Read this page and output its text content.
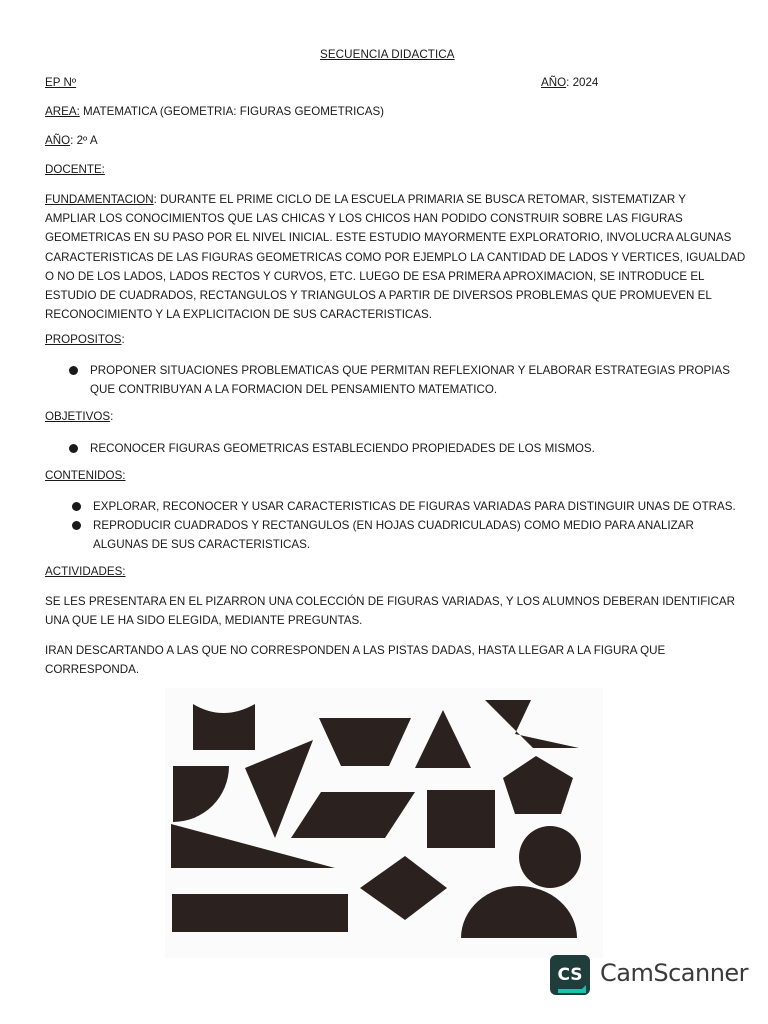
SECUENCIA DIDACTICA
EP Nº	AÑO: 2024
AREA: MATEMATICA (GEOMETRIA: FIGURAS GEOMETRICAS)
AÑO: 2º A
DOCENTE:
FUNDAMENTACION: DURANTE EL PRIME CICLO DE LA ESCUELA PRIMARIA SE BUSCA RETOMAR, SISTEMATIZAR Y
AMPLIAR LOS CONOCIMIENTOS QUE LAS CHICAS Y LOS CHICOS HAN PODIDO CONSTRUIR SOBRE LAS FIGURAS
GEOMETRICAS EN SU PASO POR EL NIVEL INICIAL. ESTE ESTUDIO MAYORMENTE EXPLORATORIO, INVOLUCRA ALGUNAS
CARACTERISTICAS DE LAS FIGURAS GEOMETRICAS COMO POR EJEMPLO LA CANTIDAD DE LADOS Y VERTICES, IGUALDAD
O NO DE LOS LADOS, LADOS RECTOS Y CURVOS, ETC. LUEGO DE ESA PRIMERA APROXIMACION, SE INTRODUCE EL
ESTUDIO DE CUADRADOS, RECTANGULOS Y TRIANGULOS A PARTIR DE DIVERSOS PROBLEMAS QUE PROMUEVEN EL
RECONOCIMIENTO Y LA EXPLICITACION DE SUS CARACTERISTICAS.
PROPOSITOS:
PROPONER SITUACIONES PROBLEMATICAS QUE PERMITAN REFLEXIONAR Y ELABORAR ESTRATEGIAS PROPIAS
QUE CONTRIBUYAN A LA FORMACION DEL PENSAMIENTO MATEMATICO.
OBJETIVOS:
RECONOCER FIGURAS GEOMETRICAS ESTABLECIENDO PROPIEDADES DE LOS MISMOS.
CONTENIDOS:
EXPLORAR, RECONOCER Y USAR CARACTERISTICAS DE FIGURAS VARIADAS PARA DISTINGUIR UNAS DE OTRAS.
REPRODUCIR CUADRADOS Y RECTANGULOS (EN HOJAS CUADRICULADAS) COMO MEDIO PARA ANALIZAR
ALGUNAS DE SUS CARACTERISTICAS.
ACTIVIDADES:
SE LES PRESENTARA EN EL PIZARRON UNA COLECCIÓN DE FIGURAS VARIADAS, Y LOS ALUMNOS DEBERAN IDENTIFICAR
UNA QUE LE HA SIDO ELEGIDA, MEDIANTE PREGUNTAS.
IRAN DESCARTANDO A LAS QUE NO CORRESPONDEN A LAS PISTAS DADAS, HASTA LLEGAR A LA FIGURA QUE
CORRESPONDA.
CS CamScanner
